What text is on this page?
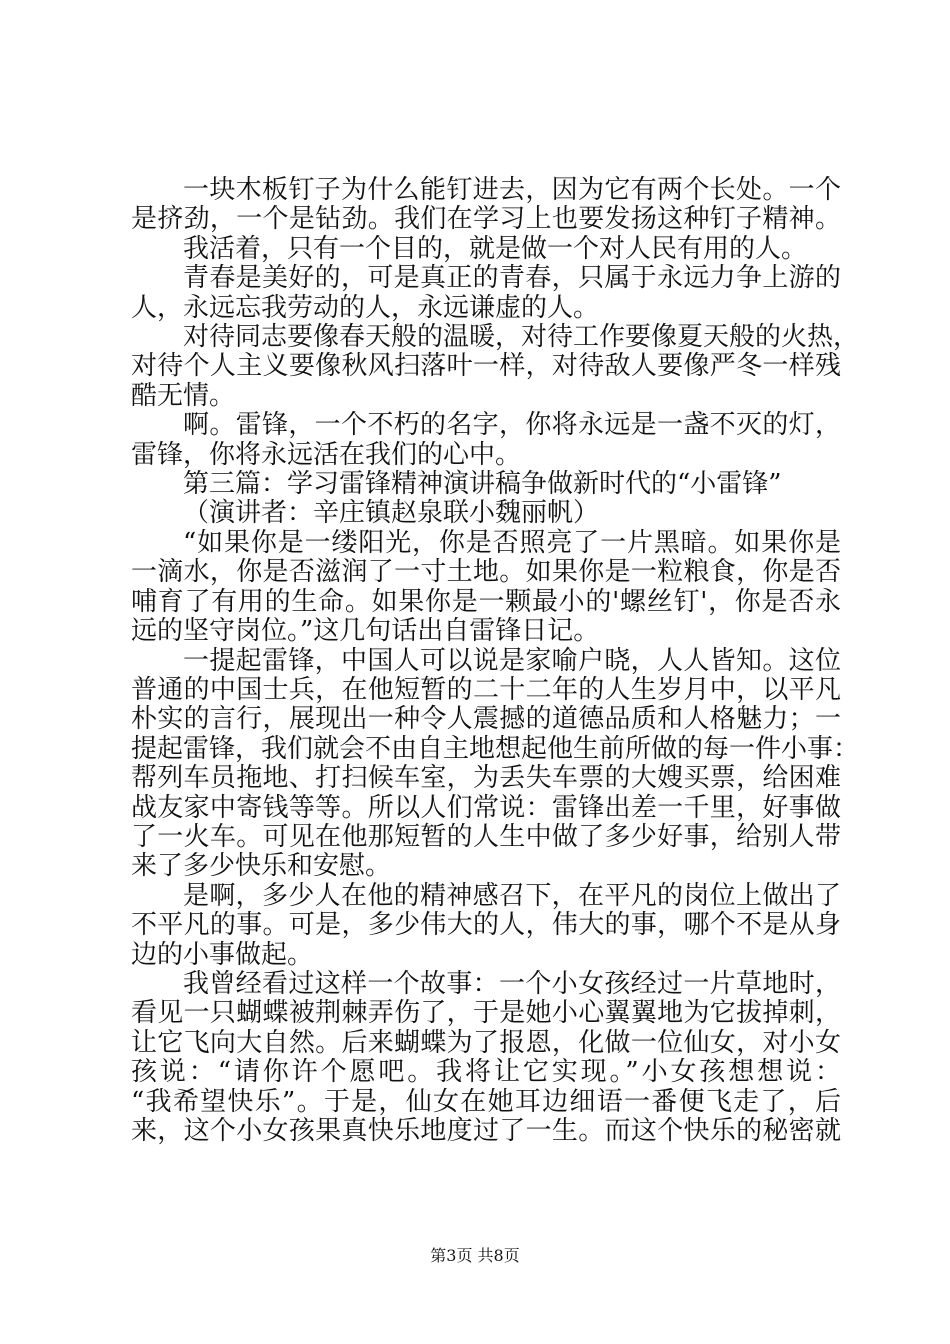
一块木板钉子为什么能钉进去，因为它有两个长处。一个
是挤劲，一个是钻劲。我们在学习上也要发扬这种钉子精神。
我活着，只有一个目的，就是做一个对人民有用的人。
青春是美好的，可是真正的青春，只属于永远力争上游的
人，永远忘我劳动的人，永远谦虚的人。
对待同志要像春天般的温暖，对待工作要像夏天般的火热，
对待个人主义要像秋风扫落叶一样，对待敌人要像严冬一样残
酷无情。
啊。雷锋，一个不朽的名字，你将永远是一盏不灭的灯，
雷锋，你将永远活在我们的心中。
第三篇：学习雷锋精神演讲稿争做新时代的“小雷锋”
（演讲者：辛庄镇赵泉联小魏丽帆）
“如果你是一缕阳光，你是否照亮了一片黑暗。如果你是
一滴水，你是否滋润了一寸土地。如果你是一粒粮食，你是否
哺育了有用的生命。如果你是一颗最小的'螺丝钉'，你是否永
远的坚守岗位。”这几句话出自雷锋日记。
一提起雷锋，中国人可以说是家喻户晓，人人皆知。这位
普通的中国士兵，在他短暂的二十二年的人生岁月中，以平凡
朴实的言行，展现出一种令人震撼的道德品质和人格魅力；一
提起雷锋，我们就会不由自主地想起他生前所做的每一件小事：
帮列车员拖地、打扫候车室，为丢失车票的大嫂买票，给困难
战友家中寄钱等等。所以人们常说：雷锋出差一千里，好事做
了一火车。可见在他那短暂的人生中做了多少好事，给别人带
来了多少快乐和安慰。
是啊，多少人在他的精神感召下，在平凡的岗位上做出了
不平凡的事。可是，多少伟大的人，伟大的事，哪个不是从身
边的小事做起。
我曾经看过这样一个故事：一个小女孩经过一片草地时，
看见一只蝴蝶被荆棘弄伤了，于是她小心翼翼地为它拔掉刺，
让它飞向大自然。后来蝴蝶为了报恩，化做一位仙女，对小女
孩说：“请你许个愿吧。我将让它实现。”小女孩想想说：
“我希望快乐”。于是，仙女在她耳边细语一番便飞走了，后
来，这个小女孩果真快乐地度过了一生。而这个快乐的秘密就
第3页 共8页
